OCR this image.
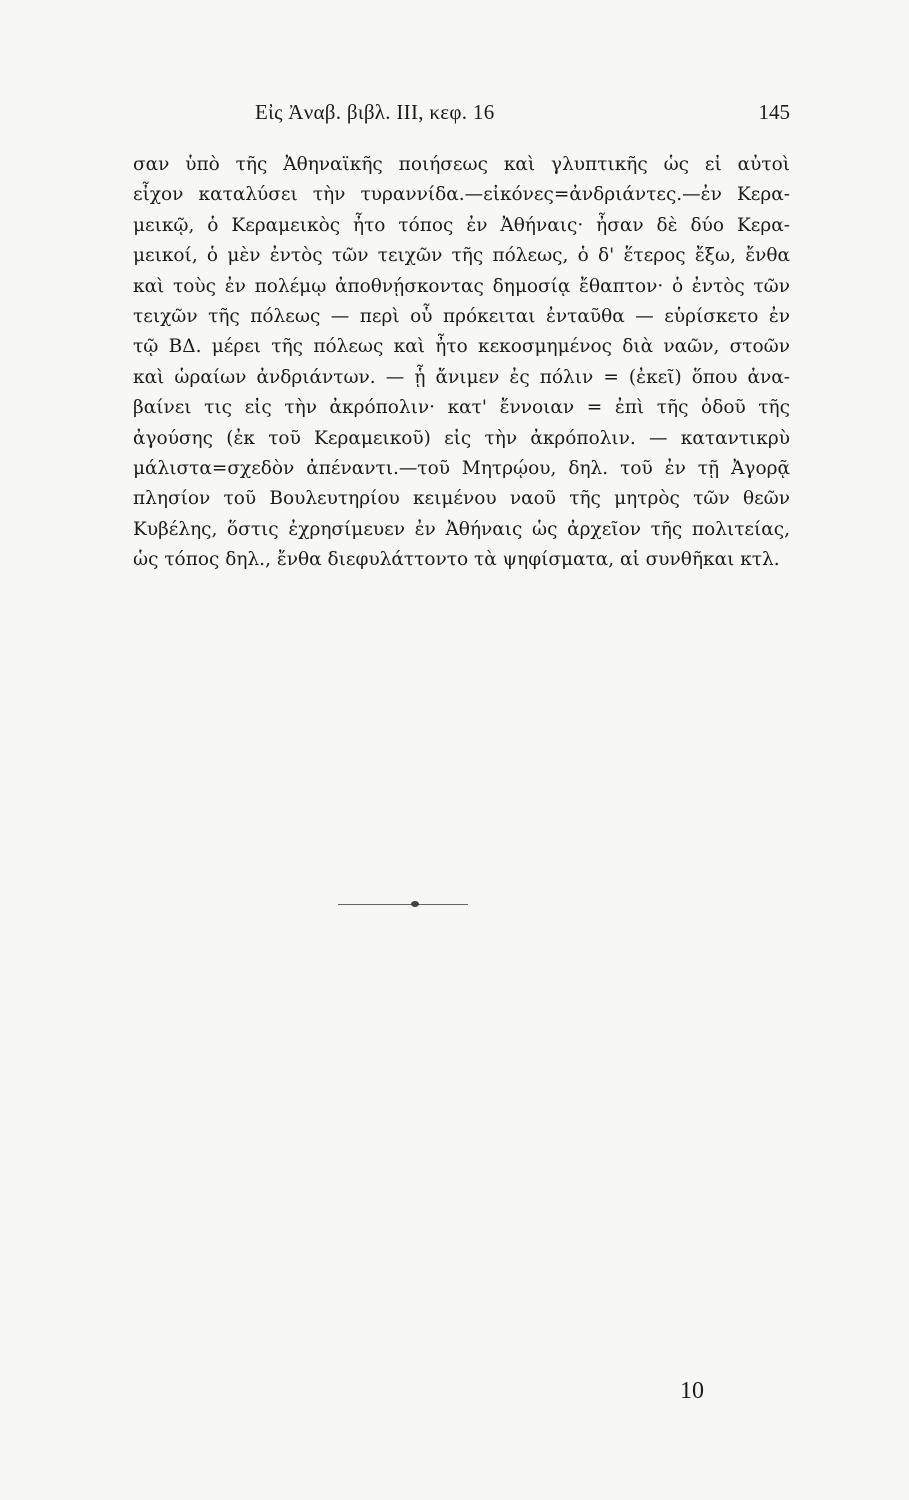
Εἰς Ἀναβ. βιβλ. III, κεφ. 16	145
σαν ὑπὸ τῆς Ἀθηναϊκῆς ποιήσεως καὶ γλυπτικῆς ὡς εἰ αὐτοὶ
εἶχον καταλύσει τὴν τυραννίδα.—εἰκόνες=ἀνδριάντες.—ἐν Κερα-
μεικῷ, ὁ Κεραμεικὸς ἦτο τόπος ἐν Ἀθήναις· ἦσαν δὲ δύο Κερα-
μεικοί, ὁ μὲν ἐντὸς τῶν τειχῶν τῆς πόλεως, ὁ δ' ἕτερος ἔξω, ἔνθα
καὶ τοὺς ἐν πολέμῳ ἀποθνῄσκοντας δημοσίᾳ ἔθαπτον· ὁ ἐντὸς τῶν
τειχῶν τῆς πόλεως — περὶ οὗ πρόκειται ἐνταῦθα — εὑρίσκετο ἐν
τῷ ΒΔ. μέρει τῆς πόλεως καὶ ἦτο κεκοσμημένος διὰ ναῶν, στοῶν
καὶ ὡραίων ἀνδριάντων. — ᾗ ἄνιμεν ἐς πόλιν = (ἐκεῖ) ὅπου ἀνα-
βαίνει τις εἰς τὴν ἀκρόπολιν· κατ' ἔννοιαν = ἐπὶ τῆς ὁδοῦ τῆς
ἀγούσης (ἐκ τοῦ Κεραμεικοῦ) εἰς τὴν ἀκρόπολιν. — καταντικρὺ
μάλιστα=σχεδὸν ἀπέναντι.—τοῦ Μητρῴου, δηλ. τοῦ ἐν τῇ Ἀγορᾷ
πλησίον τοῦ Βουλευτηρίου κειμένου ναοῦ τῆς μητρὸς τῶν θεῶν
Κυβέλης, ὅστις ἐχρησίμευεν ἐν Ἀθήναις ὡς ἀρχεῖον τῆς πολιτείας,
ὡς τόπος δηλ., ἔνθα διεφυλάττοντο τὰ ψηφίσματα, αἱ συνθῆκαι κτλ.
10
